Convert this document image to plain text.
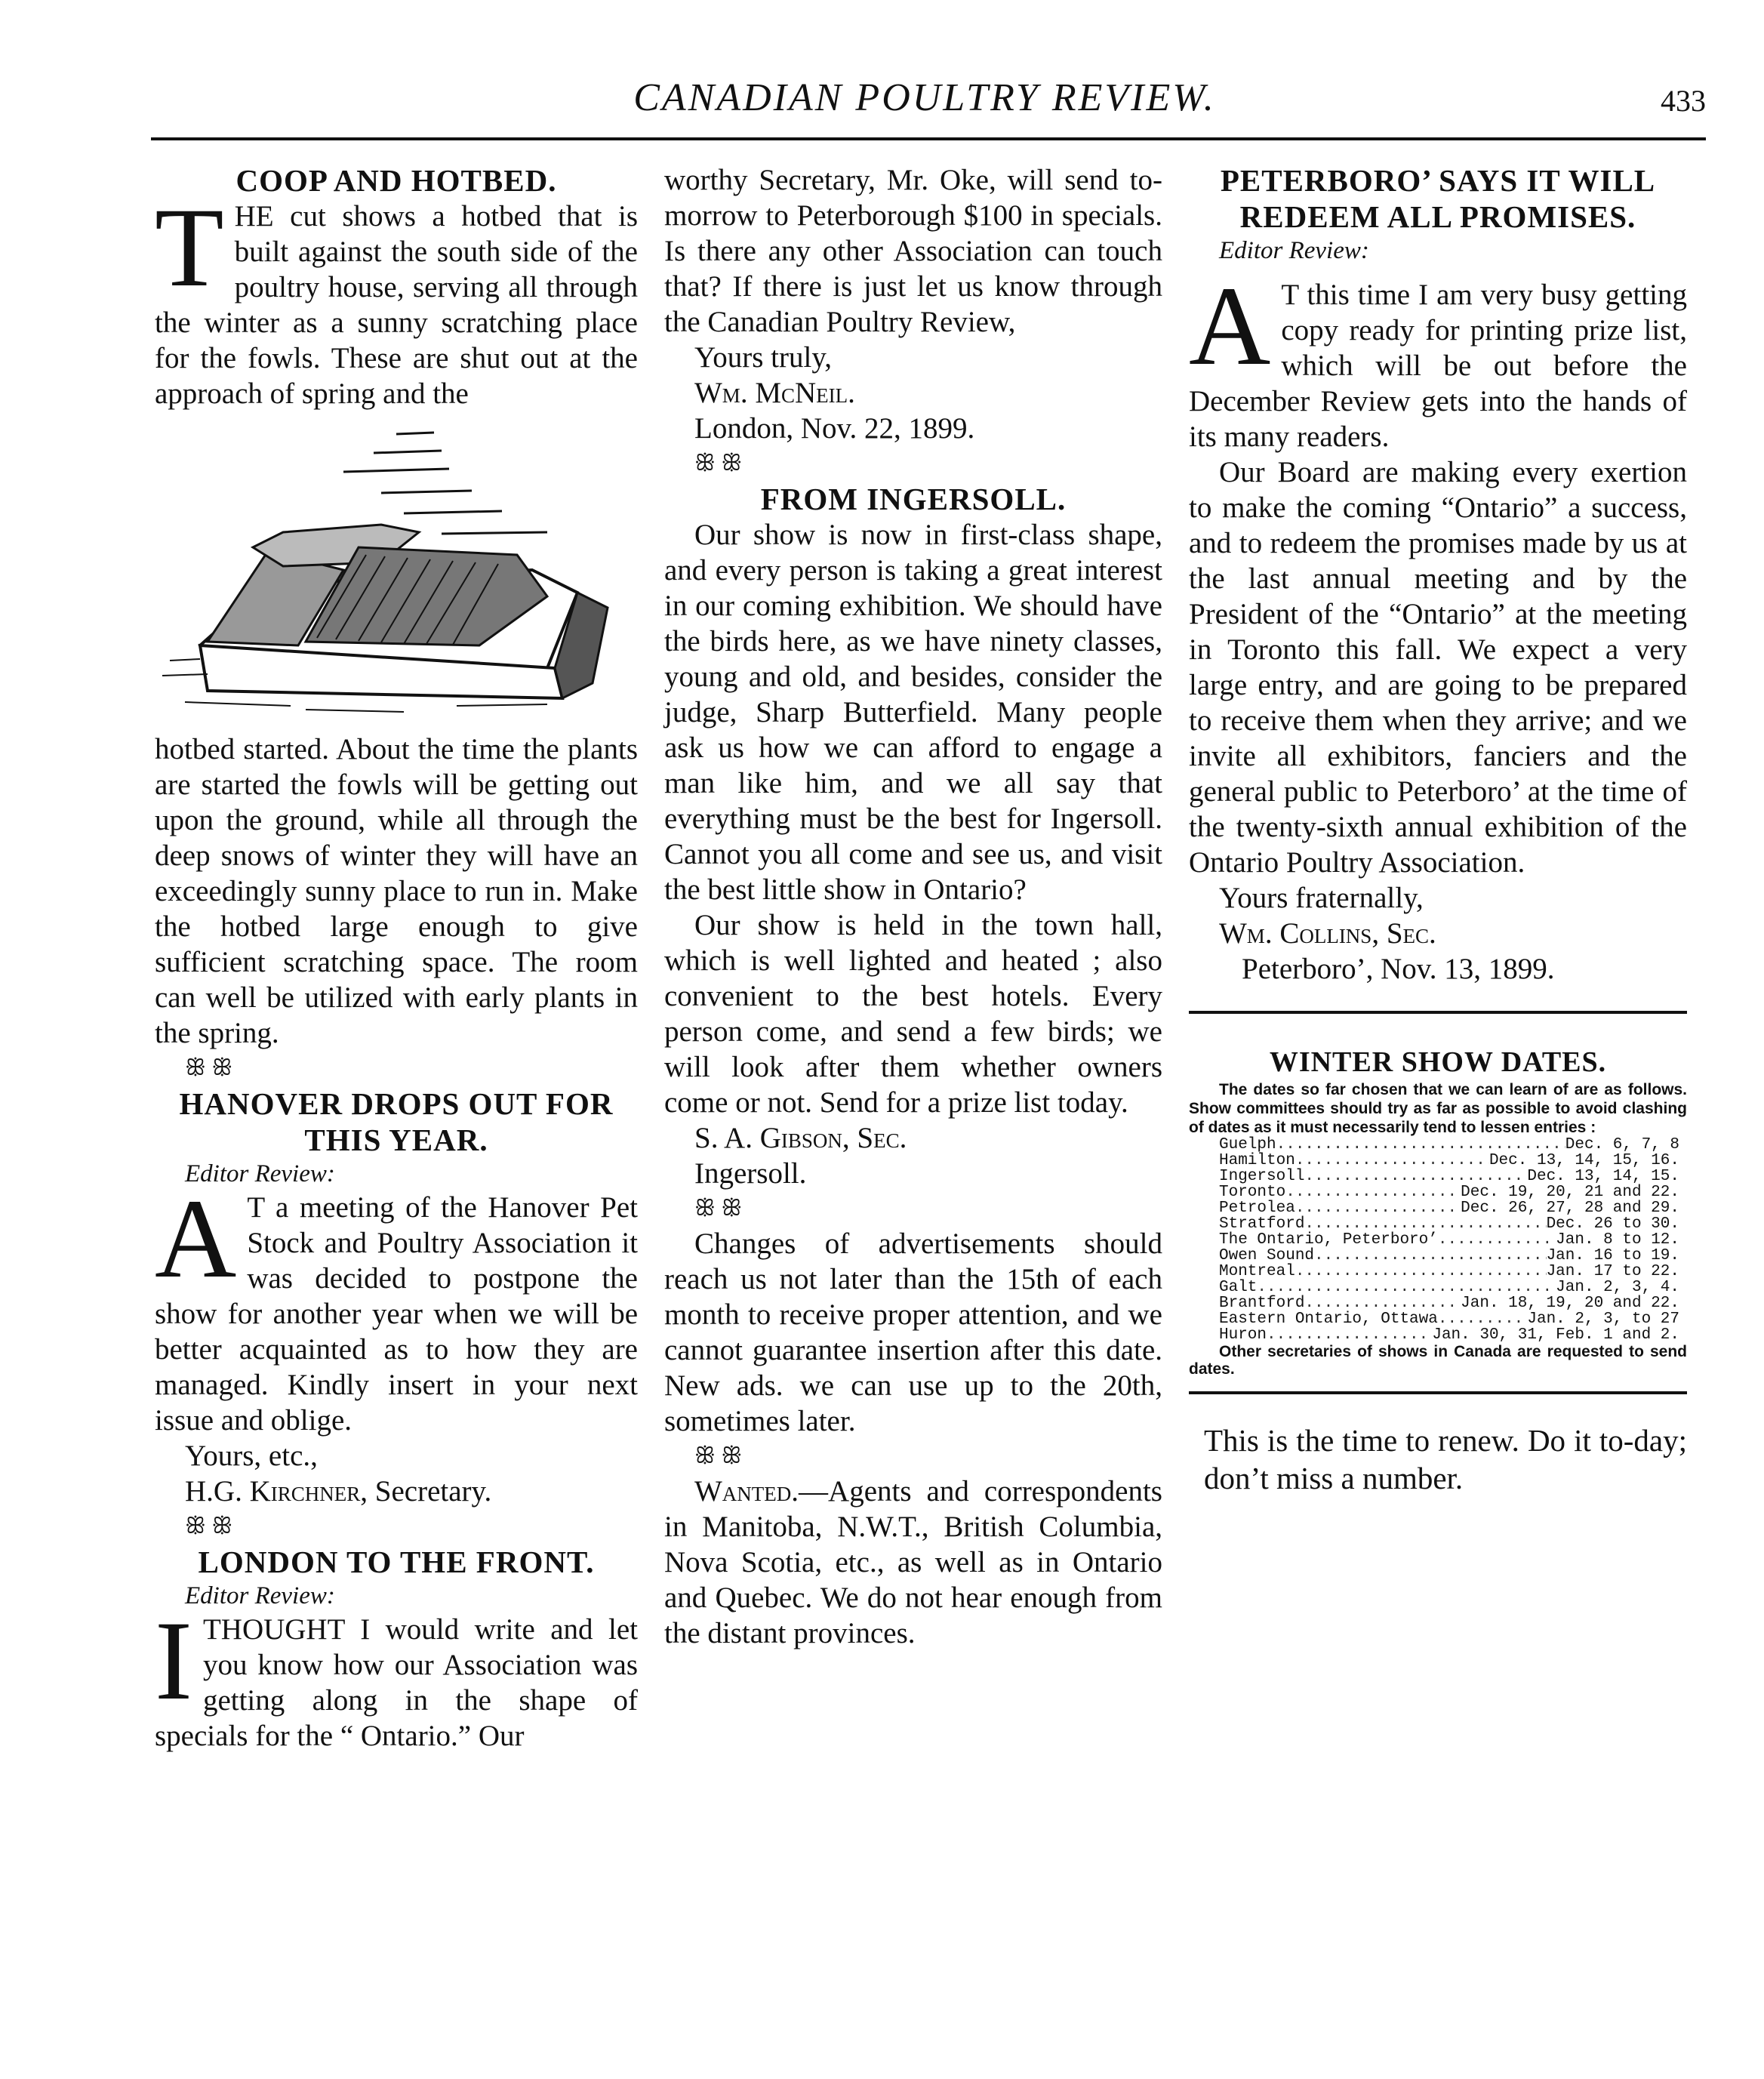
CANADIAN POULTRY REVIEW.	433
COOP AND HOTBED.

THE cut shows a hotbed that is built against the south side of the poultry house, serving all through the winter as a sunny scratching place for the fowls. These are shut out at the approach of spring and the

hotbed started. About the time the plants are started the fowls will be getting out upon the ground, while all through the deep snows of winter they will have an exceedingly sunny place to run in. Make the hotbed large enough to give sufficient scratching space. The room can well be utilized with early plants in the spring.

ꕥ ꕥ

HANOVER DROPS OUT FOR THIS YEAR.

Editor Review:

A T a meeting of the Hanover Pet Stock and Poultry Association it was decided to postpone the show for another year when we will be better acquainted as to how they are managed. Kindly insert in your next issue and oblige.

Yours, etc.,

H.G. Kirchner, Secretary.

ꕥ ꕥ

LONDON TO THE FRONT.

Editor Review:

ITHOUGHT I would write and let you know how our Association was getting along in the shape of specials for the “ Ontario.” Our

worthy Secretary, Mr. Oke, will send to-morrow to Peterborough $100 in specials. Is there any other Association can touch that? If there is just let us know through the Canadian Poultry Review,

Yours truly,

Wm. McNeil.

London, Nov. 22, 1899.

ꕥ ꕥ

FROM INGERSOLL.

Our show is now in first-class shape, and every person is taking a great interest in our coming exhibition. We should have the birds here, as we have ninety classes, young and old, and besides, consider the judge, Sharp Butterfield. Many people ask us how we can afford to engage a man like him, and we all say that everything must be the best for Ingersoll. Cannot you all come and see us, and visit the best little show in Ontario?

Our show is held in the town hall, which is well lighted and heated ; also convenient to the best hotels. Every person come, and send a few birds; we will look after them whether owners come or not. Send for a prize list today.

S. A. Gibson, Sec.

Ingersoll.

ꕥ ꕥ

Changes of advertisements should reach us not later than the 15th of each month to receive proper attention, and we cannot guarantee insertion after this date. New ads. we can use up to the 20th, sometimes later.

ꕥ ꕥ

Wanted.—Agents and correspondents in Manitoba, N.W.T., British Columbia, Nova Scotia, etc., as well as in Ontario and Quebec. We do not hear enough from the distant provinces.

PETERBORO’ SAYS IT WILL REDEEM ALL PROMISES.

Editor Review:

A T this time I am very busy getting copy ready for printing prize list, which will be out before the December Review gets into the hands of its many readers.

Our Board are making every exertion to make the coming “Ontario” a success, and to redeem the promises made by us at the last annual meeting and by the President of the “Ontario” at the meeting in Toronto this fall. We expect a very large entry, and are going to be prepared to receive them when they arrive; and we invite all exhibitors, fanciers and the general public to Peterboro’ at the time of the twenty-sixth annual exhibition of the Ontario Poultry Association.

Yours fraternally,

Wm. Collins, Sec.

Peterboro’, Nov. 13, 1899.

WINTER SHOW DATES.

The dates so far chosen that we can learn of are as follows. Show committees should try as far as possible to avoid clashing of dates as it must necessarily tend to lessen entries :

Guelph .....	Dec. 6, 7, 8
Hamilton .....	Dec. 13, 14, 15, 16.
Ingersoll .....	Dec. 13, 14, 15.
Toronto .....	Dec. 19, 20, 21 and 22.
Petrolea .....	Dec. 26, 27, 28 and 29.
Stratford .....	Dec. 26 to 30.
The Ontario, Peterboro’ .....	Jan. 8 to 12.
Owen Sound .....	Jan. 16 to 19.
Montreal .....	Jan. 17 to 22.
Galt .....	Jan. 2, 3, 4.
Brantford .....	Jan. 18, 19, 20 and 22.
Eastern Ontario, Ottawa .....	Jan. 2, 3, to 27
Huron .....	Jan. 30, 31, Feb. 1 and 2.

Other secretaries of shows in Canada are requested to send dates.

This is the time to renew. Do it to-day; don’t miss a number.
